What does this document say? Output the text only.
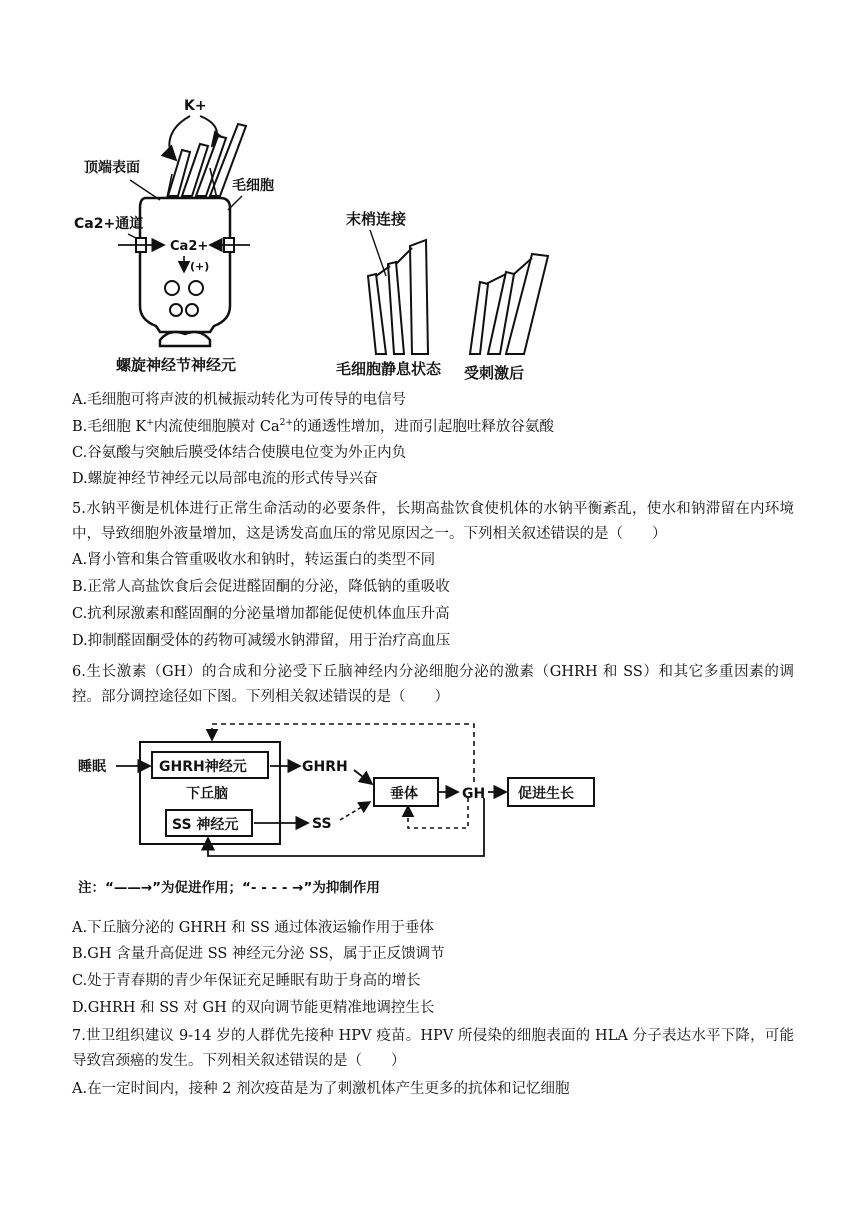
K+
顶端表面
毛细胞
Ca2+通道
Ca2+
(+)
螺旋神经节神经元
末梢连接
毛细胞静息状态 受刺激后
A.毛细胞可将声波的机械振动转化为可传导的电信号
B.毛细胞 K+内流使细胞膜对 $Ca^{2+}$的通透性增加，进而引起胞吐释放谷氨酸
C.谷氨酸与突触后膜受体结合使膜电位变为外正内负
D.螺旋神经节神经元以局部电流的形式传导兴奋
5.水钠平衡是机体进行正常生命活动的必要条件，长期高盐饮食使机体的水钠平衡紊乱，使水和钠滞留在内环境中，导致细胞外液量增加，这是诱发高血压的常见原因之一。下列相关叙述错误的是（　　）
A.肾小管和集合管重吸收水和钠时，转运蛋白的类型不同
B.正常人高盐饮食后会促进醛固酮的分泌，降低钠的重吸收
C.抗利尿激素和醛固酮的分泌量增加都能促使机体血压升高
D.抑制醛固酮受体的药物可减缓水钠滞留，用于治疗高血压
6.生长激素（GH）的合成和分泌受下丘脑神经内分泌细胞分泌的激素（GHRH 和 SS）和其它多重因素的调控。部分调控途径如下图。下列相关叙述错误的是（　　）
GHRH神经元
下丘脑
SS 神经元
睡眠	GHRH
SS
垂体	GH 促进生长
注：“——→”为促进作用；“- - - - →”为抑制作用
A.下丘脑分泌的 GHRH 和 SS 通过体液运输作用于垂体
B.GH 含量升高促进 SS 神经元分泌 SS，属于正反馈调节
C.处于青春期的青少年保证充足睡眠有助于身高的增长
D.GHRH 和 SS 对 GH 的双向调节能更精准地调控生长
7.世卫组织建议 9-14 岁的人群优先接种 HPV 疫苗。HPV 所侵染的细胞表面的 HLA 分子表达水平下降，可能导致宫颈癌的发生。下列相关叙述错误的是（　　）
A.在一定时间内，接种 2 剂次疫苗是为了刺激机体产生更多的抗体和记忆细胞
